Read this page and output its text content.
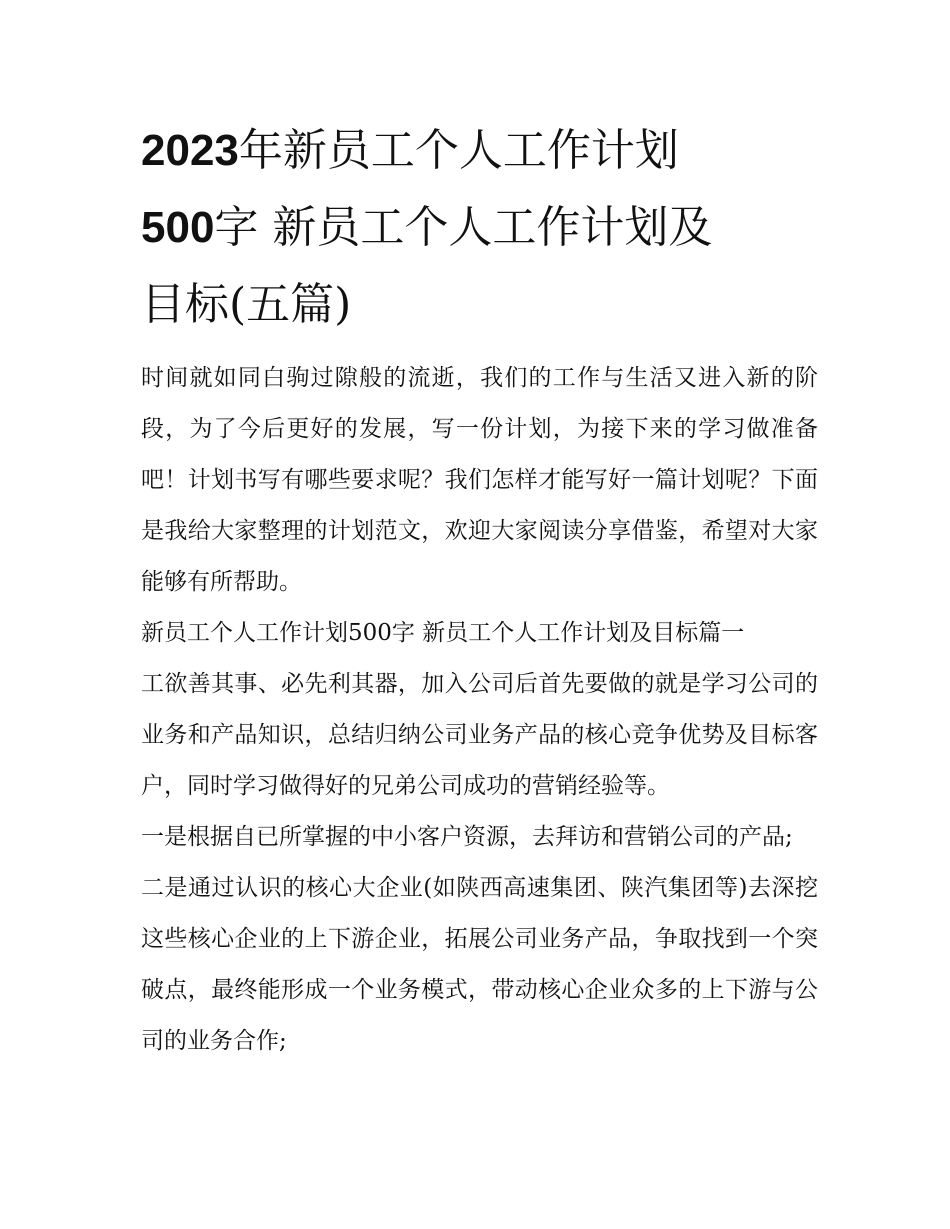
2023年新员工个人工作计划
500字 新员工个人工作计划及
目标(五篇)

时间就如同白驹过隙般的流逝，我们的工作与生活又进入新的阶段，为了今后更好的发展，写一份计划，为接下来的学习做准备吧！计划书写有哪些要求呢？我们怎样才能写好一篇计划呢？下面是我给大家整理的计划范文，欢迎大家阅读分享借鉴，希望对大家能够有所帮助。

新员工个人工作计划500字 新员工个人工作计划及目标篇一

工欲善其事、必先利其器，加入公司后首先要做的就是学习公司的业务和产品知识，总结归纳公司业务产品的核心竞争优势及目标客户，同时学习做得好的兄弟公司成功的营销经验等。

一是根据自已所掌握的中小客户资源，去拜访和营销公司的产品;

二是通过认识的核心大企业(如陕西高速集团、陕汽集团等)去深挖这些核心企业的上下游企业，拓展公司业务产品，争取找到一个突破点，最终能形成一个业务模式，带动核心企业众多的上下游与公司的业务合作;
